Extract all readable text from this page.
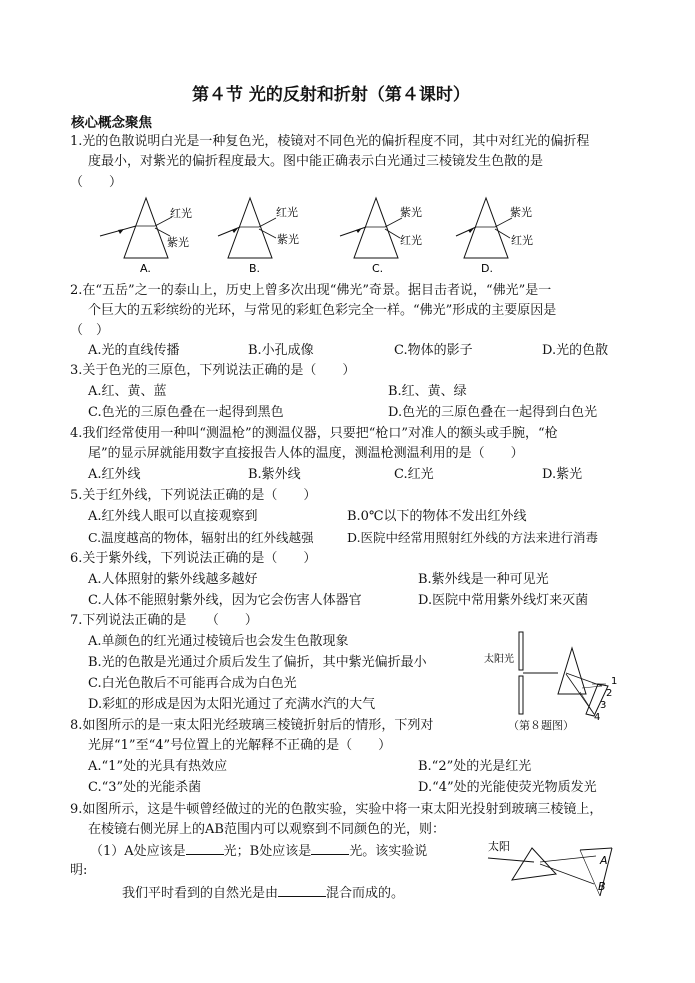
第４节 光的反射和折射（第４课时）
核心概念聚焦
1.光的色散说明白光是一种复色光，棱镜对不同色光的偏折程度不同，其中对红光的偏折程
度最小，对紫光的偏折程度最大。图中能正确表示白光通过三棱镜发生色散的是
（　　）
红光
紫光
A.
红光
紫光
B.
紫光
红光
C.
紫光
红光
D.
2.在“五岳”之一的泰山上，历史上曾多次出现“佛光”奇景。据目击者说，“佛光”是一
个巨大的五彩缤纷的光环，与常见的彩虹色彩完全一样。“佛光”形成的主要原因是
（　）
A.光的直线传播	B.小孔成像	C.物体的影子	D.光的色散
3.关于色光的三原色，下列说法正确的是（　　）
A.红、黄、蓝	B.红、黄、绿
C.色光的三原色叠在一起得到黑色	D.色光的三原色叠在一起得到白色光
4.我们经常使用一种叫“测温枪”的测温仪器，只要把“枪口”对准人的额头或手腕，“枪
尾”的显示屏就能用数字直接报告人体的温度，测温枪测温利用的是（　　）
A.红外线	B.紫外线	C.红光	D.紫光
5.关于红外线，下列说法正确的是（　　）
A.红外线人眼可以直接观察到	B.0℃以下的物体不发出红外线
C.温度越高的物体，辐射出的红外线越强	D.医院中经常用照射红外线的方法来进行消毒
6.关于紫外线，下列说法正确的是（　　）
A.人体照射的紫外线越多越好	B.紫外线是一种可见光
C.人体不能照射紫外线，因为它会伤害人体器官	D.医院中常用紫外线灯来灭菌
7.下列说法正确的是　　（　　）
A.单颜色的红光通过棱镜后也会发生色散现象
B.光的色散是光通过介质后发生了偏折，其中紫光偏折最小
C.白光色散后不可能再合成为白色光
D.彩虹的形成是因为太阳光通过了充满水汽的大气
太阳光
1
2
3
4
（第８题图）
8.如图所示的是一束太阳光经玻璃三棱镜折射后的情形，下列对
光屏“1”至“4”号位置上的光解释不正确的是（　　）
A.“1”处的光具有热效应	B.“2”处的光是红光
C.“3”处的光能杀菌	D.“4”处的光能使荧光物质发光
9.如图所示，这是牛顿曾经做过的光的色散实验，实验中将一束太阳光投射到玻璃三棱镜上，
在棱镜右侧光屏上的AB范围内可以观察到不同颜色的光，则：
（1）A处应该是	光；B处应该是	光。该实验说
明:
我们平时看到的自然光是由	混合而成的。
太阳
A
B
